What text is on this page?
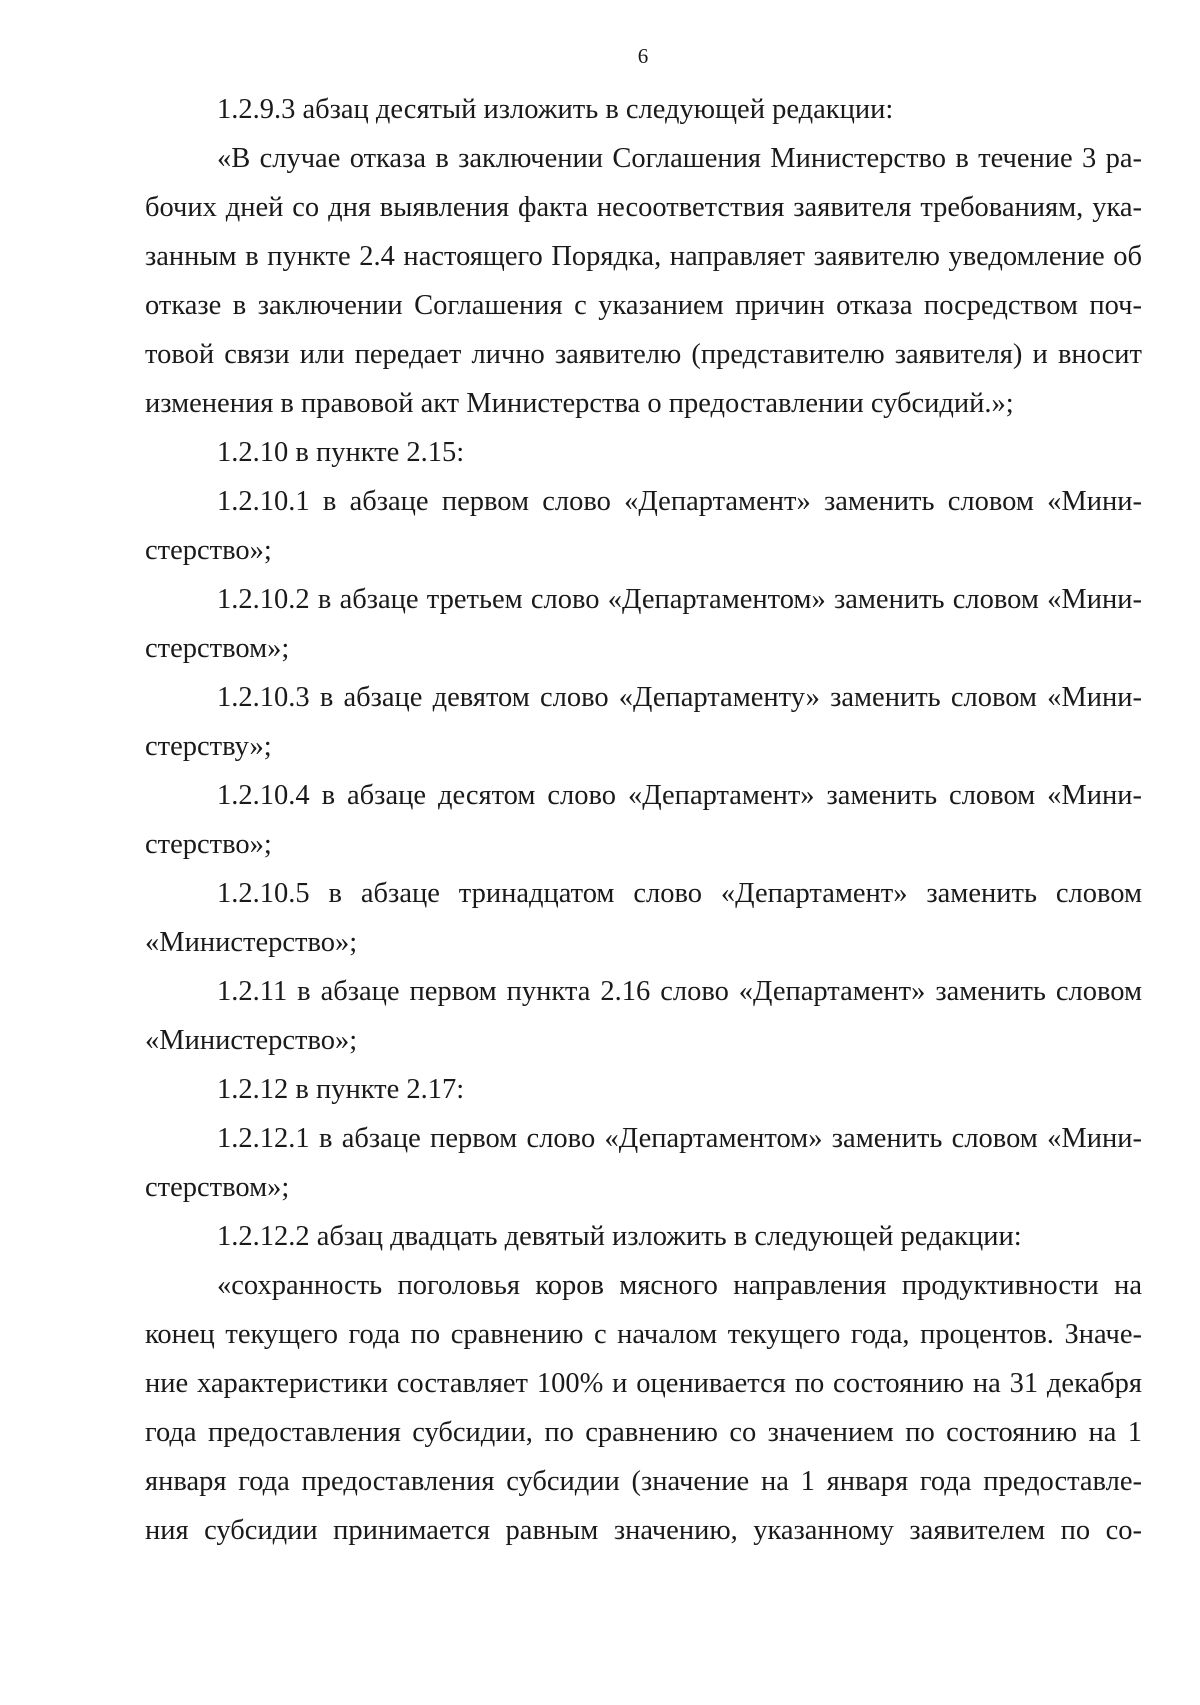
6
1.2.9.3 абзац десятый изложить в следующей редакции:
«В случае отказа в заключении Соглашения Министерство в течение 3 ра-
бочих дней со дня выявления факта несоответствия заявителя требованиям, ука-
занным в пункте 2.4 настоящего Порядка, направляет заявителю уведомление об
отказе в заключении Соглашения с указанием причин отказа посредством поч-
товой связи или передает лично заявителю (представителю заявителя) и вносит
изменения в правовой акт Министерства о предоставлении субсидий.»;
1.2.10 в пункте 2.15:
1.2.10.1 в абзаце первом слово «Департамент» заменить словом «Мини-
стерство»;
1.2.10.2 в абзаце третьем слово «Департаментом» заменить словом «Мини-
стерством»;
1.2.10.3 в абзаце девятом слово «Департаменту» заменить словом «Мини-
стерству»;
1.2.10.4 в абзаце десятом слово «Департамент» заменить словом «Мини-
стерство»;
1.2.10.5 в абзаце тринадцатом слово «Департамент» заменить словом
«Министерство»;
1.2.11 в абзаце первом пункта 2.16 слово «Департамент» заменить словом
«Министерство»;
1.2.12 в пункте 2.17:
1.2.12.1 в абзаце первом слово «Департаментом» заменить словом «Мини-
стерством»;
1.2.12.2 абзац двадцать девятый изложить в следующей редакции:
«сохранность поголовья коров мясного направления продуктивности на
конец текущего года по сравнению с началом текущего года, процентов. Значе-
ние характеристики составляет 100% и оценивается по состоянию на 31 декабря
года предоставления субсидии, по сравнению со значением по состоянию на 1
января года предоставления субсидии (значение на 1 января года предоставле-
ния субсидии принимается равным значению, указанному заявителем по со-
